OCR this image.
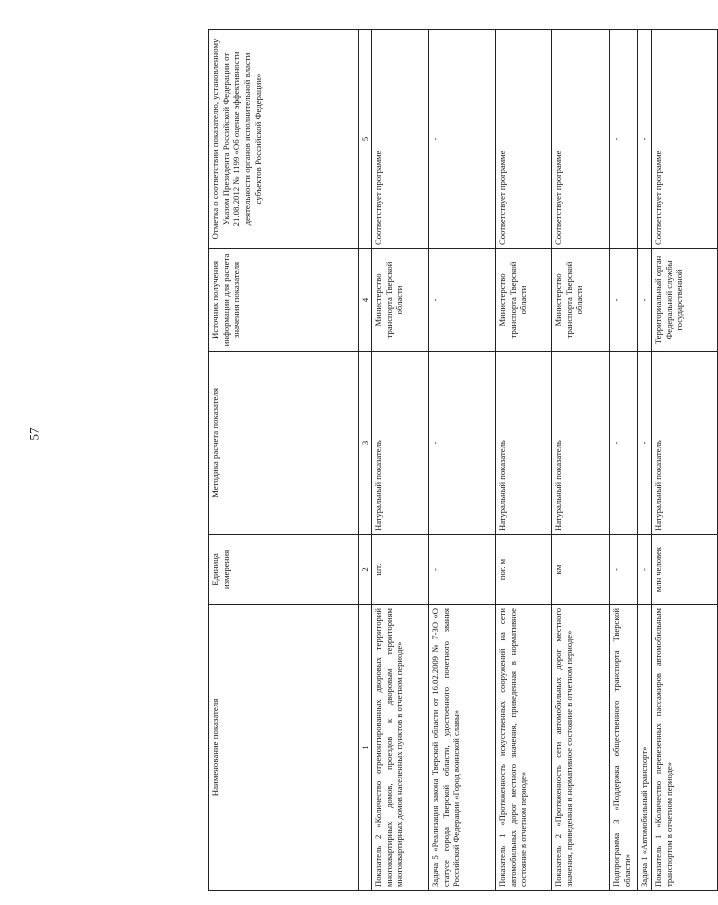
57
Наименование показателя	Единица измерения	Методика расчета показателя	Источник получения информации для расчета значения показателя	Отметка о соответствии показателю, установленному Указом Президента Российской Федерации от 21.08.2012 № 1199 «Об оценке эффективности деятельности органов исполнительной власти субъектов Российской Федерации»
1	2	3	4	5
Показатель 2 «Количество отремонтированных дворовых территорий многоквартирных домов, проездов к дворовым территориям многоквартирных домов населенных пунктов в отчетном периоде»	шт.	Натуральный показатель	Министерство транспорта Тверской области	Соответствует программе
Задача 5 «Реализация закона Тверской области от 16.02.2009 № 7-ЗО «О статусе города Тверской области, удостоенного почетного звания Российской Федерации «Город воинской славы»	-	-	-	-
Показатель 1 «Протяженность искусственных сооружений на сети автомобильных дорог местного значения, приведенная в нормативное состояние в отчетном периоде»	пог. м	Натуральный показатель	Министерство транспорта Тверской области	Соответствует программе
Показатель 2 «Протяженность сети автомобильных дорог местного значения, приведенная в нормативное состояние в отчетном периоде»	км	Натуральный показатель	Министерство транспорта Тверской области	Соответствует программе
Подпрограмма 3 «Поддержка общественного транспорта Тверской области»	-	-	-	-
Задача 1 «Автомобильный транспорт»	-	-	-	-
Показатель 1 «Количество перевезенных пассажиров автомобильным транспортом в отчетном периоде»	млн человек	Натуральный показатель	Территориальный орган Федеральной службы государственной	Соответствует программе
